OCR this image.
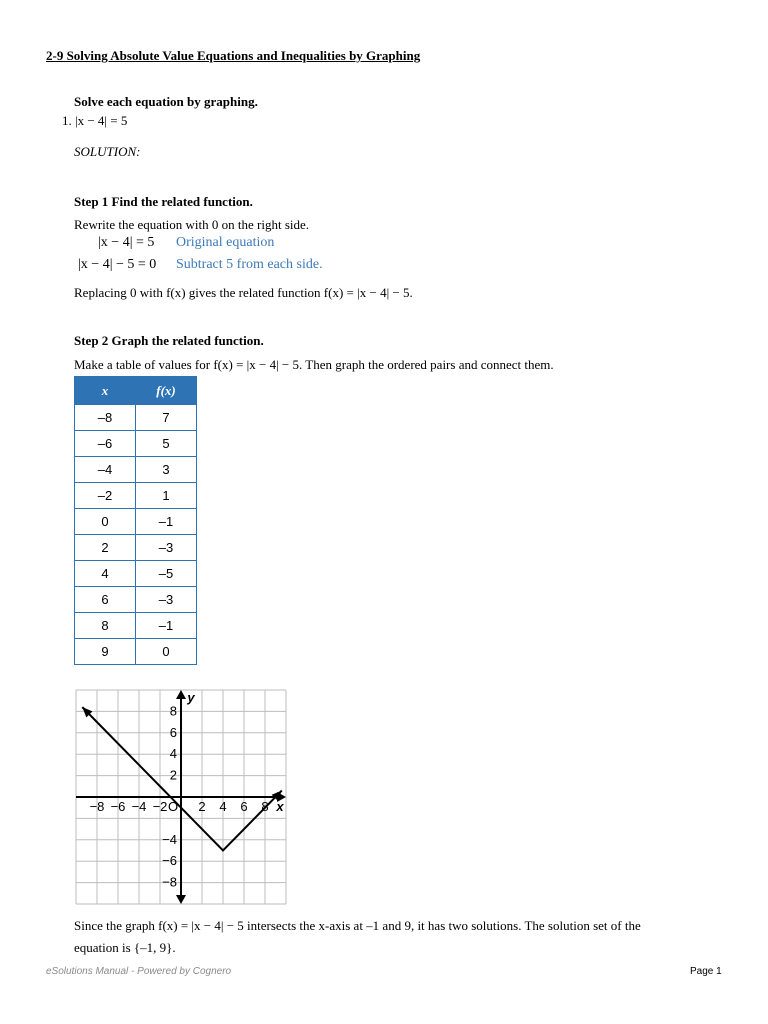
2-9 Solving Absolute Value Equations and Inequalities by Graphing
Solve each equation by graphing.
1. |x − 4| = 5
SOLUTION:
Step 1 Find the related function.
Rewrite the equation with 0 on the right side.
|x − 4| = 5 Original equation
|x − 4| − 5 = 0 Subtract 5 from each side.
Replacing 0 with f(x) gives the related function f(x) = |x − 4| − 5.
Step 2 Graph the related function.
Make a table of values for f(x) = |x − 4| − 5. Then graph the ordered pairs and connect them.
x	f(x)
–8	7
–6	5
–4	3
–2	1
0	–1
2	–3
4	–5
6	–3
8	–1
9	0
−8 −6 −4 −2 2 4 6 8
8
6
4
2
−4
−6
−8
O	x
y
Since the graph f(x) = |x − 4| − 5 intersects the x-axis at –1 and 9, it has two solutions. The solution set of the
equation is {–1, 9}.
eSolutions Manual - Powered by Cognero	Page 1
